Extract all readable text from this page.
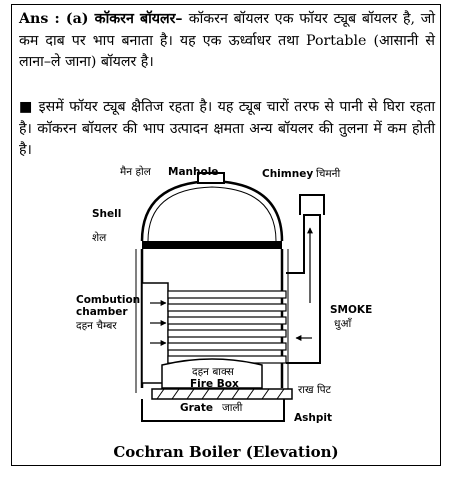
Ans : (a) कॉकरन बॉयलर– कॉकरन बॉयलर एक फॉयर ट्यूब बॉयलर है, जो कम दाब पर भाप बनाता है। यह एक ऊर्ध्वाधर तथा Portable (आसानी से लाना–ले जाना) बॉयलर है।

■ इसमें फॉयर ट्यूब क्षैतिज रहता है। यह ट्यूब चारों तरफ से पानी से घिरा रहता है। कॉकरन बॉयलर की भाप उत्पादन क्षमता अन्य बॉयलर की तुलना में कम होती है।

मैन होल Manhole	Chimney चिमनी
Shell
शेल
Combution
chamber
दहन चैम्बर
SMOKE
धुआँ
दहन बाक्स
Fire Box
Grate जाली
राख पिट
Ashpit
Cochran Boiler (Elevation)
